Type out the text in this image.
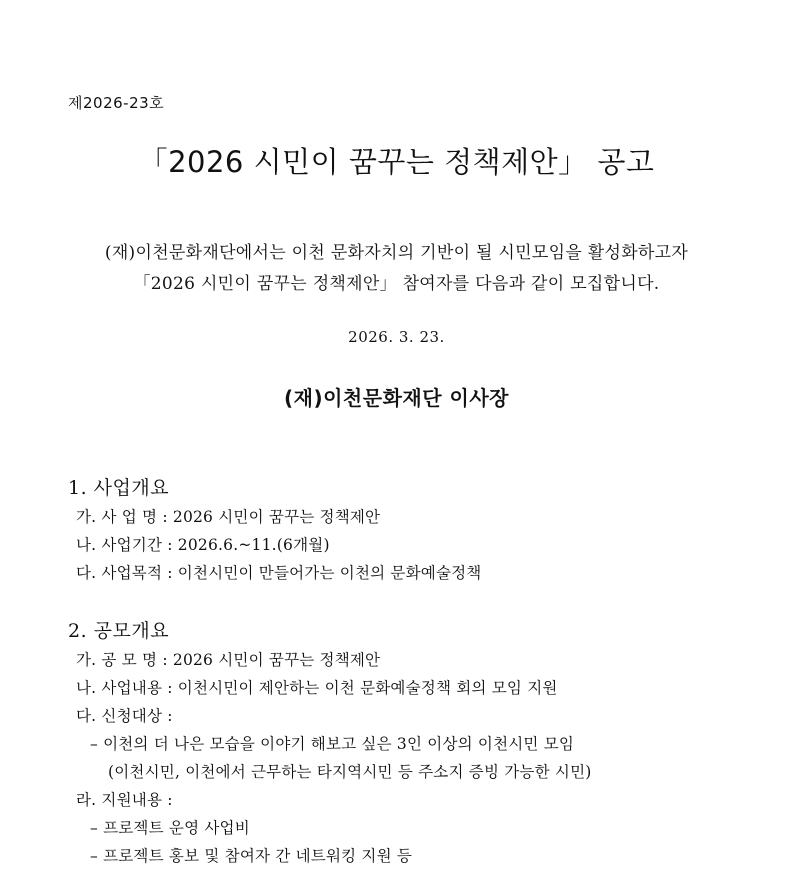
제2026-23호
「2026 시민이 꿈꾸는 정책제안」 공고
(재)이천문화재단에서는 이천 문화자치의 기반이 될 시민모임을 활성화하고자
「2026 시민이 꿈꾸는 정책제안」 참여자를 다음과 같이 모집합니다.
2026. 3. 23.
(재)이천문화재단 이사장
1. 사업개요
가. 사 업 명 : 2026 시민이 꿈꾸는 정책제안
나. 사업기간 : 2026.6.~11.(6개월)
다. 사업목적 : 이천시민이 만들어가는 이천의 문화예술정책
2. 공모개요
가. 공 모 명 : 2026 시민이 꿈꾸는 정책제안
나. 사업내용 : 이천시민이 제안하는 이천 문화예술정책 회의 모임 지원
다. 신청대상 :
– 이천의 더 나은 모습을 이야기 해보고 싶은 3인 이상의 이천시민 모임
(이천시민, 이천에서 근무하는 타지역시민 등 주소지 증빙 가능한 시민)
라. 지원내용 :
– 프로젝트 운영 사업비
– 프로젝트 홍보 및 참여자 간 네트워킹 지원 등
